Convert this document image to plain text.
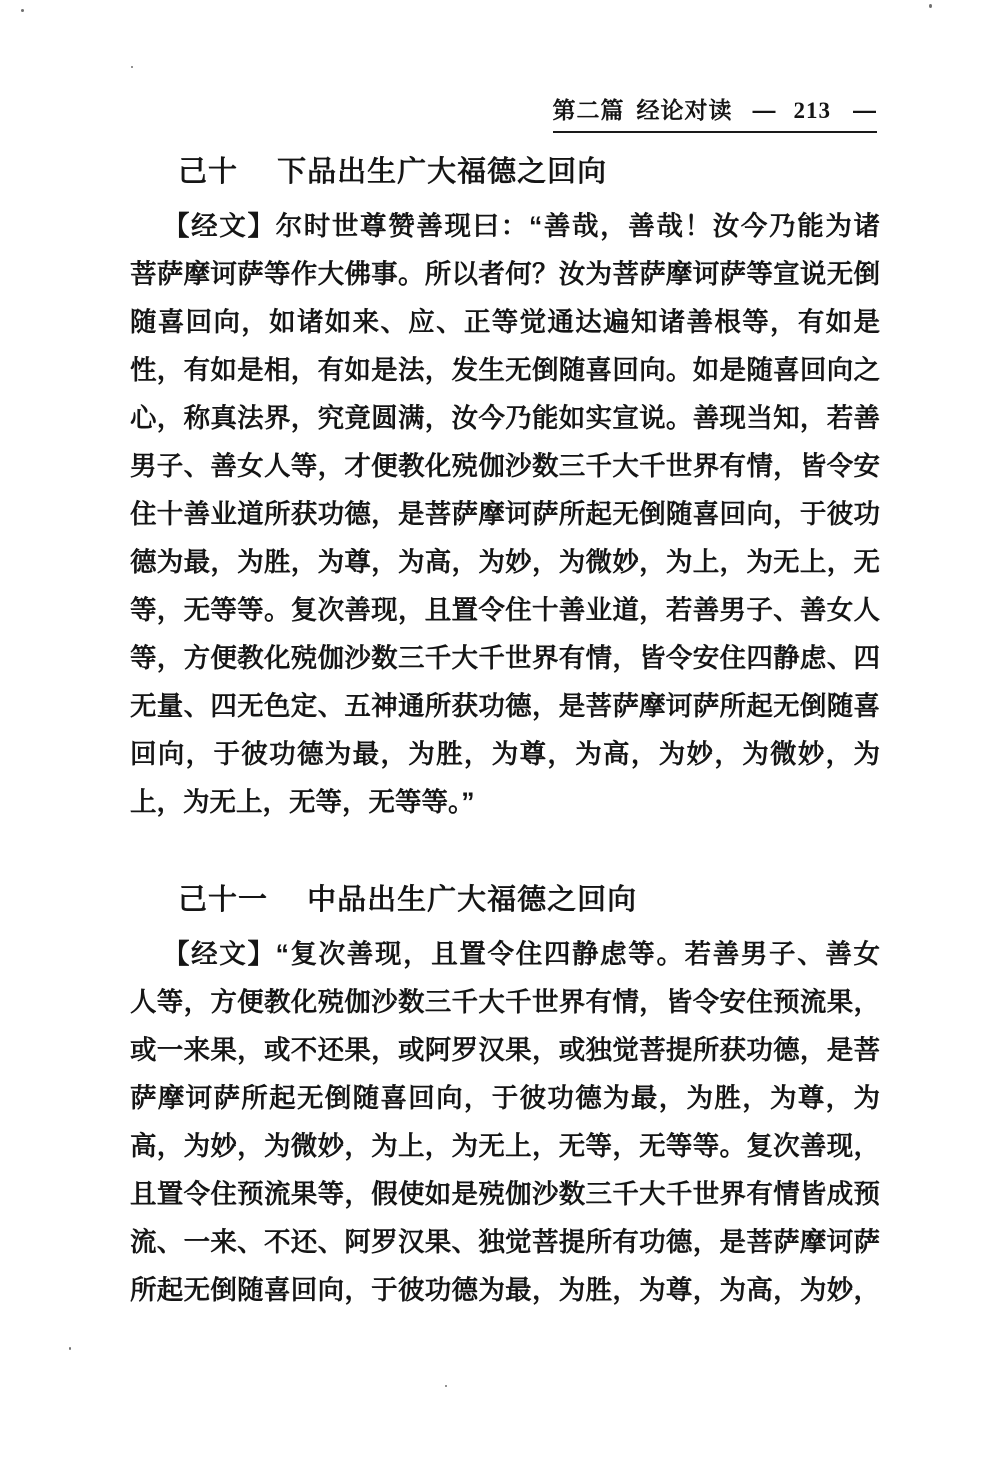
第二篇 经论对读 — 213 —
己十 下品出生广大福德之回向
【经文】尔时世尊赞善现曰：“善哉，善哉！汝今乃能为诸
菩萨摩诃萨等作大佛事。所以者何？汝为菩萨摩诃萨等宣说无倒
随喜回向，如诸如来、应、正等觉通达遍知诸善根等，有如是
性，有如是相，有如是法，发生无倒随喜回向。如是随喜回向之
心，称真法界，究竟圆满，汝今乃能如实宣说。善现当知，若善
男子、善女人等，才便教化殑伽沙数三千大千世界有情，皆令安
住十善业道所获功德，是菩萨摩诃萨所起无倒随喜回向，于彼功
德为最，为胜，为尊，为高，为妙，为微妙，为上，为无上，无
等，无等等。复次善现，且置令住十善业道，若善男子、善女人
等，方便教化殑伽沙数三千大千世界有情，皆令安住四静虑、四
无量、四无色定、五神通所获功德，是菩萨摩诃萨所起无倒随喜
回向，于彼功德为最，为胜，为尊，为高，为妙，为微妙，为
上，为无上，无等，无等等。”
己十一 中品出生广大福德之回向
【经文】“复次善现，且置令住四静虑等。若善男子、善女
人等，方便教化殑伽沙数三千大千世界有情，皆令安住预流果，
或一来果，或不还果，或阿罗汉果，或独觉菩提所获功德，是菩
萨摩诃萨所起无倒随喜回向，于彼功德为最，为胜，为尊，为
高，为妙，为微妙，为上，为无上，无等，无等等。复次善现，
且置令住预流果等，假使如是殑伽沙数三千大千世界有情皆成预
流、一来、不还、阿罗汉果、独觉菩提所有功德，是菩萨摩诃萨
所起无倒随喜回向，于彼功德为最，为胜，为尊，为高，为妙，
